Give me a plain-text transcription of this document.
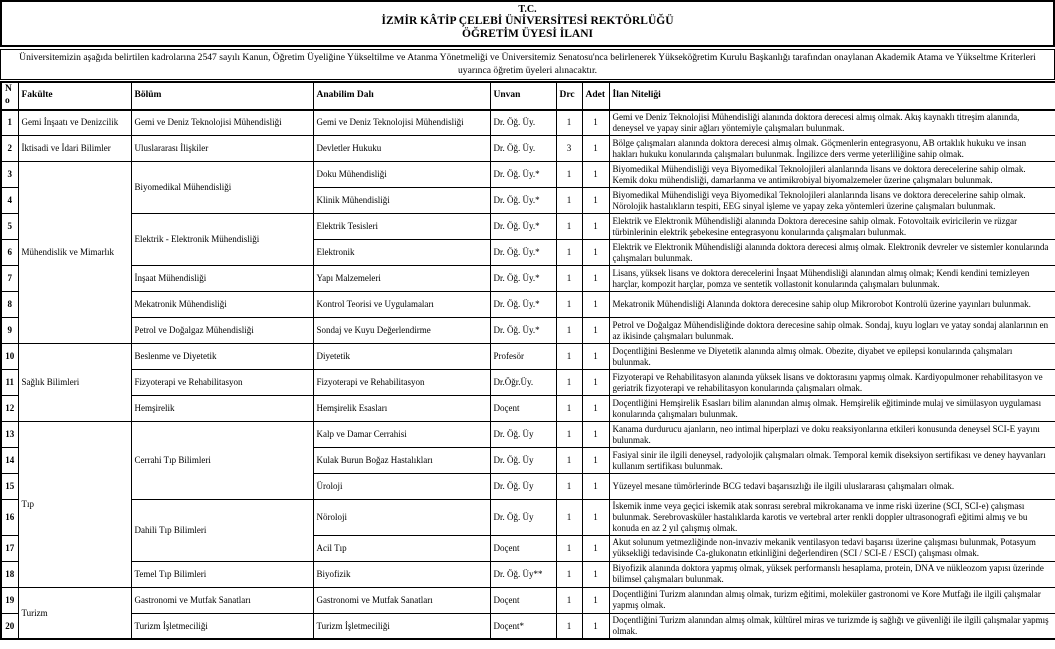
T.C.
İZMİR KÂTİP ÇELEBİ ÜNİVERSİTESİ REKTÖRLÜĞÜ
ÖĞRETİM ÜYESİ İLANI
Üniversitemizin aşağıda belirtilen kadrolarına 2547 sayılı Kanun, Öğretim Üyeliğine Yükseltilme ve Atanma Yönetmeliği ve Üniversitemiz Senatosu'nca belirlenerek Yükseköğretim Kurulu Başkanlığı tarafından onaylanan Akademik Atama ve Yükseltme Kriterleri uyarınca öğretim üyeleri alınacaktır.
No	Fakülte	Bölüm	Anabilim Dalı	Unvan	Drc	Adet	İlan Niteliği
1	Gemi İnşaatı ve Denizcilik	Gemi ve Deniz Teknolojisi Mühendisliği	Gemi ve Deniz Teknolojisi Mühendisliği	Dr. Öğ. Üy.	1	1	Gemi ve Deniz Teknolojisi Mühendisliği alanında doktora derecesi almış olmak. Akış kaynaklı titreşim alanında, deneysel ve yapay sinir ağları yöntemiyle çalışmaları bulunmak.
2	İktisadi ve İdari Bilimler	Uluslararası İlişkiler	Devletler Hukuku	Dr. Öğ. Üy.	3	1	Bölge çalışmaları alanında doktora derecesi almış olmak. Göçmenlerin entegrasyonu, AB ortaklık hukuku ve insan hakları hukuku konularında çalışmaları bulunmak. İngilizce ders verme yeterliliğine sahip olmak.
3	Mühendislik ve Mimarlık	Biyomedikal Mühendisliği	Doku Mühendisliği	Dr. Öğ. Üy.*	1	1	Biyomedikal Mühendisliği veya Biyomedikal Teknolojileri alanlarında lisans ve doktora derecelerine sahip olmak. Kemik doku mühendisliği, damarlanma ve antimikrobiyal biyomalzemeler üzerine çalışmaları bulunmak.
4			Klinik Mühendisliği	Dr. Öğ. Üy.*	1	1	Biyomedikal Mühendisliği veya Biyomedikal Teknolojileri alanlarında lisans ve doktora derecelerine sahip olmak. Nörolojik hastalıkların tespiti, EEG sinyal işleme ve yapay zeka yöntemleri üzerine çalışmaları bulunmak.
5		Elektrik - Elektronik Mühendisliği	Elektrik Tesisleri	Dr. Öğ. Üy.*	1	1	Elektrik ve Elektronik Mühendisliği alanında Doktora derecesine sahip olmak. Fotovoltaik eviricilerin ve rüzgar türbinlerinin elektrik şebekesine entegrasyonu konularında çalışmaları bulunmak.
6			Elektronik	Dr. Öğ. Üy.*	1	1	Elektrik ve Elektronik Mühendisliği alanında doktora derecesi almış olmak. Elektronik devreler ve sistemler konularında çalışmaları bulunmak.
7		İnşaat Mühendisliği	Yapı Malzemeleri	Dr. Öğ. Üy.*	1	1	Lisans, yüksek lisans ve doktora derecelerini İnşaat Mühendisliği alanından almış olmak; Kendi kendini temizleyen harçlar, kompozit harçlar, pomza ve sentetik vollastonit konularında çalışmaları bulunmak.
8		Mekatronik Mühendisliği	Kontrol Teorisi ve Uygulamaları	Dr. Öğ. Üy.*	1	1	Mekatronik Mühendisliği Alanında doktora derecesine sahip olup Mikrorobot Kontrolü üzerine yayınları bulunmak.
9		Petrol ve Doğalgaz Mühendisliği	Sondaj ve Kuyu Değerlendirme	Dr. Öğ. Üy.*	1	1	Petrol ve Doğalgaz Mühendisliğinde doktora derecesine sahip olmak. Sondaj, kuyu logları ve yatay sondaj alanlarının en az ikisinde çalışmaları bulunmak.
10	Sağlık Bilimleri	Beslenme ve Diyetetik	Diyetetik	Profesör	1	1	Doçentliğini Beslenme ve Diyetetik alanında almış olmak. Obezite, diyabet ve epilepsi konularında çalışmaları bulunmak.
11		Fizyoterapi ve Rehabilitasyon	Fizyoterapi ve Rehabilitasyon	Dr.Öğr.Üy.	1	1	Fizyoterapi ve Rehabilitasyon alanında yüksek lisans ve doktorasını yapmış olmak. Kardiyopulmoner rehabilitasyon ve geriatrik fizyoterapi ve rehabilitasyon konularında çalışmaları olmak.
12		Hemşirelik	Hemşirelik Esasları	Doçent	1	1	Doçentliğini Hemşirelik Esasları bilim alanından almış olmak. Hemşirelik eğitiminde mulaj ve simülasyon uygulaması konularında çalışmaları bulunmak.
13	Tıp	Cerrahi Tıp Bilimleri	Kalp ve Damar Cerrahisi	Dr. Öğ. Üy	1	1	Kanama durdurucu ajanların, neo intimal hiperplazi ve doku reaksiyonlarına etkileri konusunda deneysel SCI-E yayını bulunmak.
14			Kulak Burun Boğaz Hastalıkları	Dr. Öğ. Üy	1	1	Fasiyal sinir ile ilgili deneysel, radyolojik çalışmaları olmak. Temporal kemik diseksiyon sertifikası ve deney hayvanları kullanım sertifikası bulunmak.
15			Üroloji	Dr. Öğ. Üy	1	1	Yüzeyel mesane tümörlerinde BCG tedavi başarısızlığı ile ilgili uluslararası çalışmaları olmak.
16		Dahili Tıp Bilimleri	Nöroloji	Dr. Öğ. Üy	1	1	İskemik inme veya geçici iskemik atak sonrası serebral mikrokanama ve inme riski üzerine (SCI, SCI-e) çalışması bulunmak. Serebrovasküler hastalıklarda karotis ve vertebral arter renkli doppler ultrasonografi eğitimi almış ve bu konuda en az 2 yıl çalışmış olmak.
17			Acil Tıp	Doçent	1	1	Akut solunum yetmezliğinde non-invaziv mekanik ventilasyon tedavi başarısı üzerine çalışması bulunmak, Potasyum yüksekliği tedavisinde Ca-glukonatın etkinliğini değerlendiren (SCI / SCI-E / ESCI) çalışması olmak.
18		Temel Tıp Bilimleri	Biyofizik	Dr. Öğ. Üy**	1	1	Biyofizik alanında doktora yapmış olmak, yüksek performanslı hesaplama, protein, DNA ve nükleozom yapısı üzerinde bilimsel çalışmaları bulunmak.
19	Turizm	Gastronomi ve Mutfak Sanatları	Gastronomi ve Mutfak Sanatları	Doçent	1	1	Doçentliğini Turizm alanından almış olmak, turizm eğitimi, moleküler gastronomi ve Kore Mutfağı ile ilgili çalışmalar yapmış olmak.
20		Turizm İşletmeciliği	Turizm İşletmeciliği	Doçent*	1	1	Doçentliğini Turizm alanından almış olmak, kültürel miras ve turizmde iş sağlığı ve güvenliği ile ilgili çalışmalar yapmış olmak.
